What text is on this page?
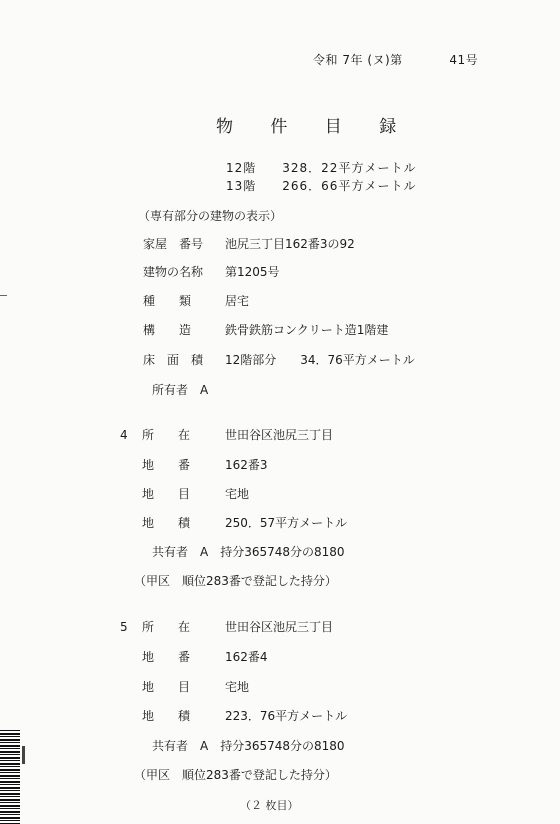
令和 7年 (ヌ)第	41号
物 件 目 録
12階　　328．22平方メートル
13階　　266．66平方メートル
（専有部分の建物の表示）
家屋　番号 池尻三丁目162番3の92
建物の名称 第1205号
種　　類	居宅
構　　造	鉄骨鉄筋コンクリート造1階建
床　面　積 12階部分　　34．76平方メートル
所有者　A
4 所　　在	世田谷区池尻三丁目
地　　番	162番3
地　　目	宅地
地　　積	250．57平方メートル
共有者　A　持分365748分の8180
（甲区　順位283番で登記した持分）
5 所　　在	世田谷区池尻三丁目
地　　番	162番4
地　　目	宅地
地　　積	223．76平方メートル
共有者　A　持分365748分の8180
（甲区　順位283番で登記した持分）
（２ 枚目）
